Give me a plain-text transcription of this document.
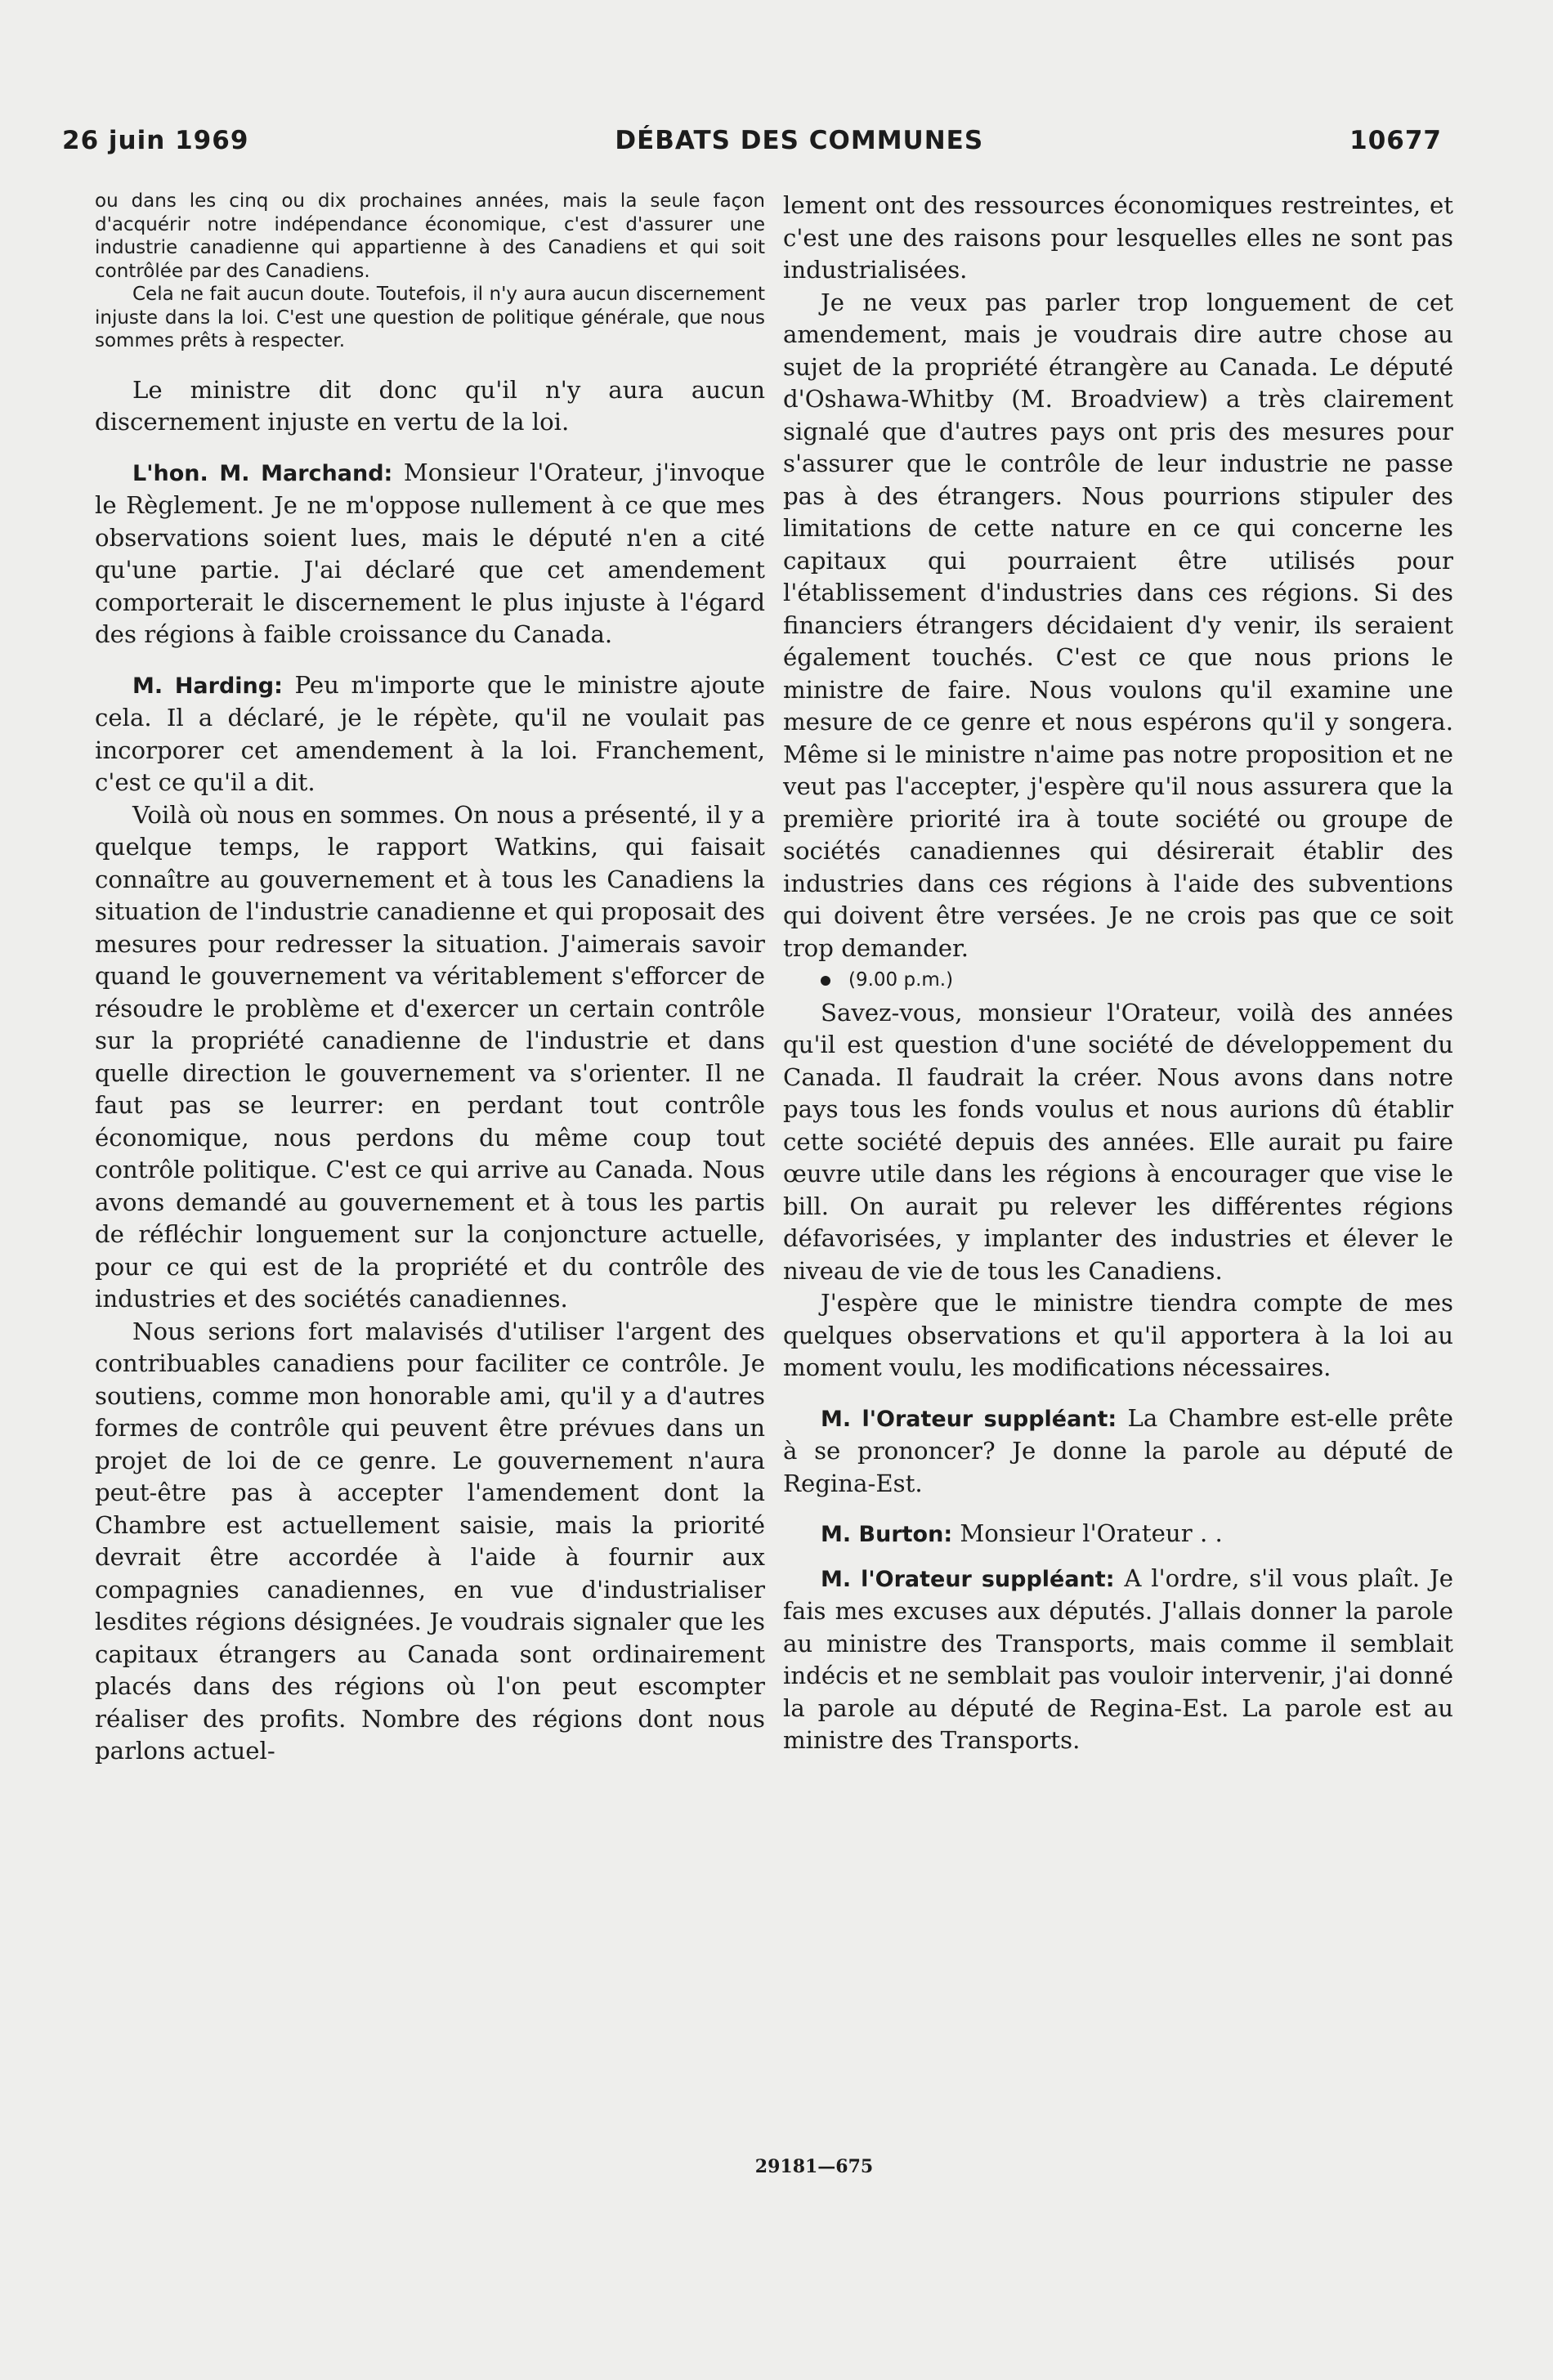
26 juin 1969	DÉBATS DES COMMUNES	10677

ou dans les cinq ou dix prochaines années, mais la seule façon d'acquérir notre indépendance économique, c'est d'assurer une industrie canadienne qui appartienne à des Canadiens et qui soit contrôlée par des Canadiens.

Cela ne fait aucun doute. Toutefois, il n'y aura aucun discernement injuste dans la loi. C'est une question de politique générale, que nous sommes prêts à respecter.

Le ministre dit donc qu'il n'y aura aucun discernement injuste en vertu de la loi.

L'hon. M. Marchand: Monsieur l'Orateur, j'invoque le Règlement. Je ne m'oppose nullement à ce que mes observations soient lues, mais le député n'en a cité qu'une partie. J'ai déclaré que cet amendement comporterait le discernement le plus injuste à l'égard des régions à faible croissance du Canada.

M. Harding: Peu m'importe que le ministre ajoute cela. Il a déclaré, je le répète, qu'il ne voulait pas incorporer cet amendement à la loi. Franchement, c'est ce qu'il a dit.

Voilà où nous en sommes. On nous a présenté, il y a quelque temps, le rapport Watkins, qui faisait connaître au gouvernement et à tous les Canadiens la situation de l'industrie canadienne et qui proposait des mesures pour redresser la situation. J'aimerais savoir quand le gouvernement va véritablement s'efforcer de résoudre le problème et d'exercer un certain contrôle sur la propriété canadienne de l'industrie et dans quelle direction le gouvernement va s'orienter. Il ne faut pas se leurrer: en perdant tout contrôle économique, nous perdons du même coup tout contrôle politique. C'est ce qui arrive au Canada. Nous avons demandé au gouvernement et à tous les partis de réfléchir longuement sur la conjoncture actuelle, pour ce qui est de la propriété et du contrôle des industries et des sociétés canadiennes.

Nous serions fort malavisés d'utiliser l'argent des contribuables canadiens pour faciliter ce contrôle. Je soutiens, comme mon honorable ami, qu'il y a d'autres formes de contrôle qui peuvent être prévues dans un projet de loi de ce genre. Le gouvernement n'aura peut-être pas à accepter l'amendement dont la Chambre est actuellement saisie, mais la priorité devrait être accordée à l'aide à fournir aux compagnies canadiennes, en vue d'industrialiser lesdites régions désignées. Je voudrais signaler que les capitaux étrangers au Canada sont ordinairement placés dans des régions où l'on peut escompter réaliser des profits. Nombre des régions dont nous parlons actuel-

lement ont des ressources économiques restreintes, et c'est une des raisons pour lesquelles elles ne sont pas industrialisées.

Je ne veux pas parler trop longuement de cet amendement, mais je voudrais dire autre chose au sujet de la propriété étrangère au Canada. Le député d'Oshawa-Whitby (M. Broadview) a très clairement signalé que d'autres pays ont pris des mesures pour s'assurer que le contrôle de leur industrie ne passe pas à des étrangers. Nous pourrions stipuler des limitations de cette nature en ce qui concerne les capitaux qui pourraient être utilisés pour l'établissement d'industries dans ces régions. Si des financiers étrangers décidaient d'y venir, ils seraient également touchés. C'est ce que nous prions le ministre de faire. Nous voulons qu'il examine une mesure de ce genre et nous espérons qu'il y songera. Même si le ministre n'aime pas notre proposition et ne veut pas l'accepter, j'espère qu'il nous assurera que la première priorité ira à toute société ou groupe de sociétés canadiennes qui désirerait établir des industries dans ces régions à l'aide des subventions qui doivent être versées. Je ne crois pas que ce soit trop demander.

(9.00 p.m.)

Savez-vous, monsieur l'Orateur, voilà des années qu'il est question d'une société de développement du Canada. Il faudrait la créer. Nous avons dans notre pays tous les fonds voulus et nous aurions dû établir cette société depuis des années. Elle aurait pu faire œuvre utile dans les régions à encourager que vise le bill. On aurait pu relever les différentes régions défavorisées, y implanter des industries et élever le niveau de vie de tous les Canadiens.

J'espère que le ministre tiendra compte de mes quelques observations et qu'il apportera à la loi au moment voulu, les modifications nécessaires.

M. l'Orateur suppléant: La Chambre est-elle prête à se prononcer? Je donne la parole au député de Regina-Est.

M. Burton: Monsieur l'Orateur . .

M. l'Orateur suppléant: A l'ordre, s'il vous plaît. Je fais mes excuses aux députés. J'allais donner la parole au ministre des Transports, mais comme il semblait indécis et ne semblait pas vouloir intervenir, j'ai donné la parole au député de Regina-Est. La parole est au ministre des Transports.

29181—675
